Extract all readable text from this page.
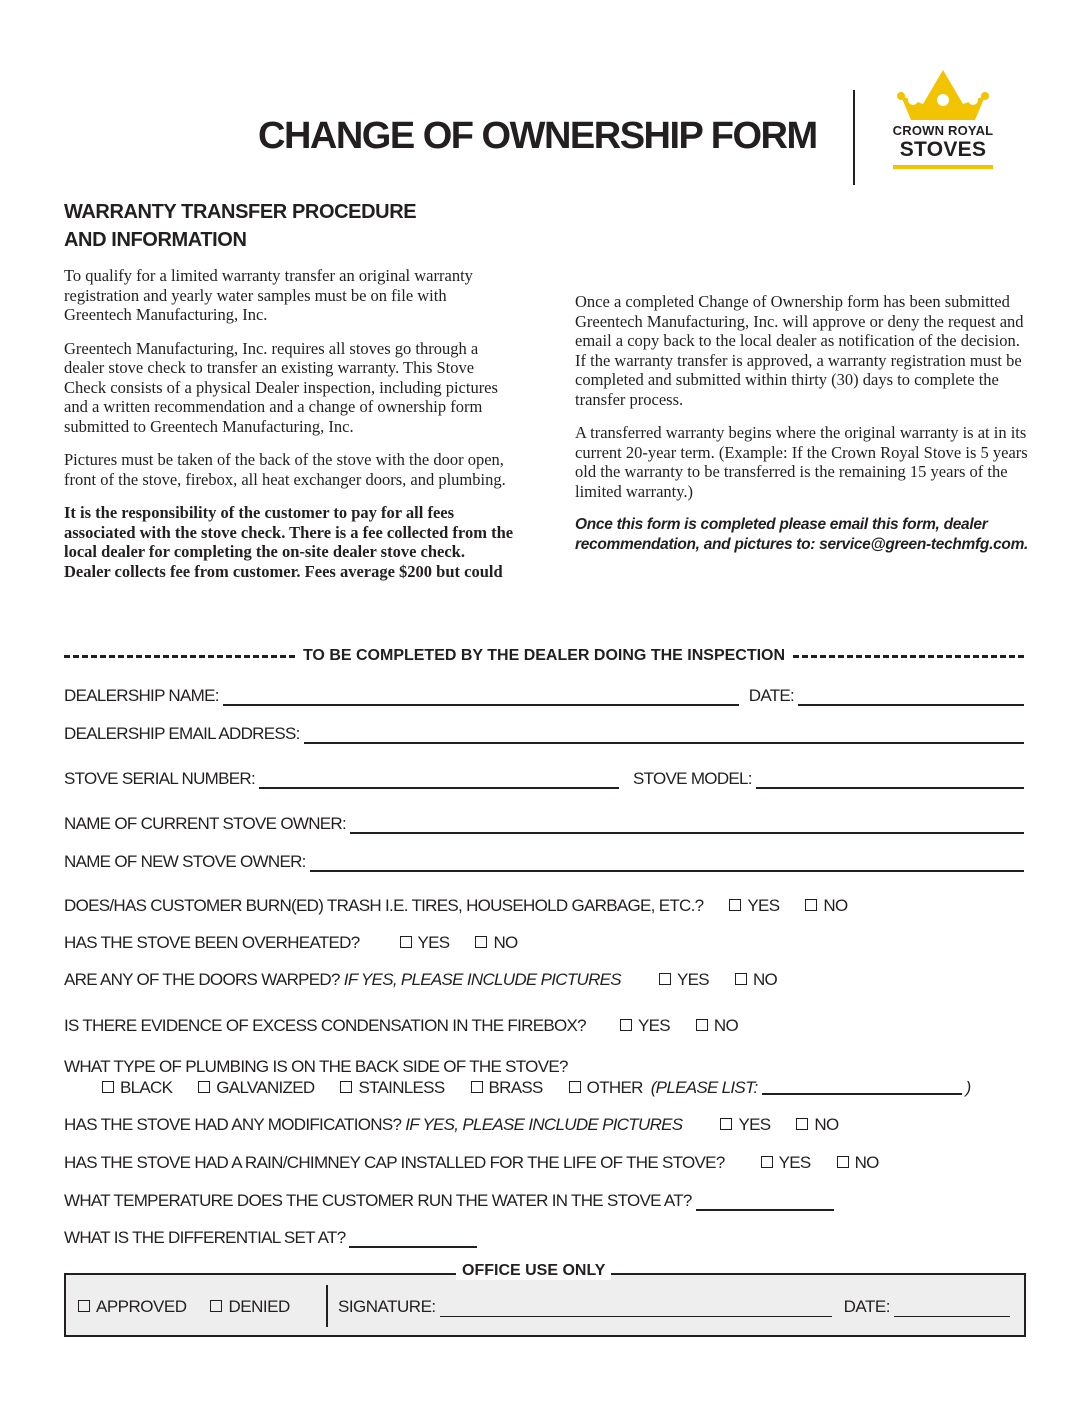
CHANGE OF OWNERSHIP FORM	CROWN ROYAL
STOVES
WARRANTY TRANSFER PROCEDURE
AND INFORMATION

To qualify for a limited warranty transfer an original warranty registration and yearly water samples must be on file with Greentech Manufacturing, Inc.

Greentech Manufacturing, Inc. requires all stoves go through a dealer stove check to transfer an existing warranty. This Stove Check consists of a physical Dealer inspection, including pictures and a written recommendation and a change of ownership form submitted to Greentech Manufacturing, Inc.

Pictures must be taken of the back of the stove with the door open, front of the stove, firebox, all heat exchanger doors, and plumbing.

It is the responsibility of the customer to pay for all fees associated with the stove check. There is a fee collected from the local dealer for completing the on-site dealer stove check. Dealer collects fee from customer. Fees average $200 but could

Once a completed Change of Ownership form has been submitted Greentech Manufacturing, Inc. will approve or deny the request and email a copy back to the local dealer as notification of the decision. If the warranty transfer is approved, a warranty registration must be completed and submitted within thirty (30) days to complete the transfer process.

A transferred warranty begins where the original warranty is at in its current 20-year term. (Example: If the Crown Royal Stove is 5 years old the warranty to be transferred is the remaining 15 years of the limited warranty.)

Once this form is completed please email this form, dealer recommendation, and pictures to: service@green-techmfg.com.

TO BE COMPLETED BY THE DEALER DOING THE INSPECTION
DEALERSHIP NAME:	DATE:
DEALERSHIP EMAIL ADDRESS:
STOVE SERIAL NUMBER:	STOVE MODEL:
NAME OF CURRENT STOVE OWNER:
NAME OF NEW STOVE OWNER:
DOES/HAS CUSTOMER BURN(ED) TRASH I.E. TIRES, HOUSEHOLD GARBAGE, ETC.?	YES	NO
HAS THE STOVE BEEN OVERHEATED?	YES	NO
ARE ANY OF THE DOORS WARPED? IF YES, PLEASE INCLUDE PICTURES	YES	NO
IS THERE EVIDENCE OF EXCESS CONDENSATION IN THE FIREBOX?	YES	NO
WHAT TYPE OF PLUMBING IS ON THE BACK SIDE OF THE STOVE?
BLACK	GALVANIZED	STAINLESS	BRASS	OTHER (PLEASE LIST:	)
HAS THE STOVE HAD ANY MODIFICATIONS? IF YES, PLEASE INCLUDE PICTURES	YES	NO
HAS THE STOVE HAD A RAIN/CHIMNEY CAP INSTALLED FOR THE LIFE OF THE STOVE?	YES	NO
WHAT TEMPERATURE DOES THE CUSTOMER RUN THE WATER IN THE STOVE AT?
WHAT IS THE DIFFERENTIAL SET AT?
OFFICE USE ONLY
APPROVED	DENIED	SIGNATURE:	DATE:
